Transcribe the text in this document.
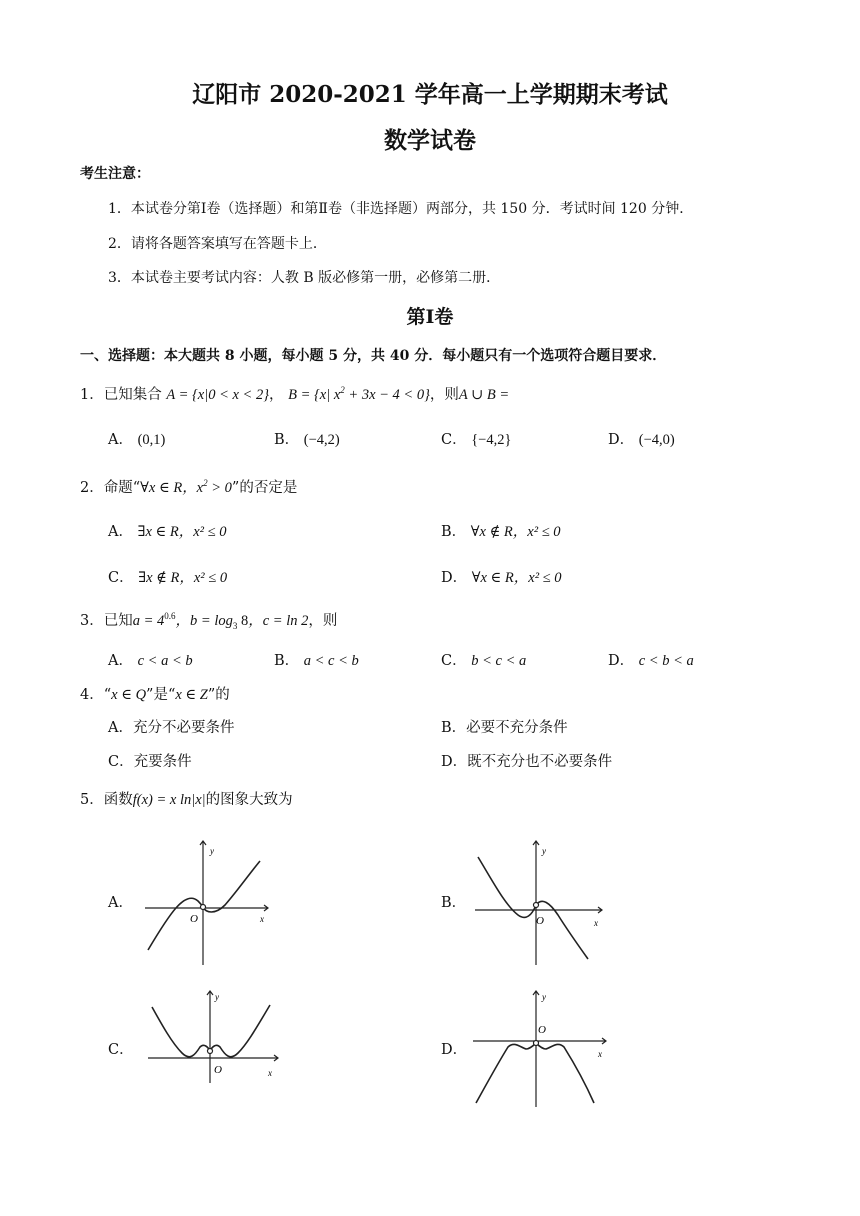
辽阳市 2020-2021 学年高一上学期期末考试
数学试卷
考生注意：
1．本试卷分第Ⅰ卷（选择题）和第Ⅱ卷（非选择题）两部分，共 150 分．考试时间 120 分钟．
2．请将各题答案填写在答题卡上．
3．本试卷主要考试内容：人教 B 版必修第一册，必修第二册．
第Ⅰ卷
一、选择题：本大题共 8 小题，每小题 5 分，共 40 分．每小题只有一个选项符合题目要求．
1．已知集合 A = {x|0 < x < 2}， B = {x| $x^2 + 3x - 4 < 0$}，则A ∪ B =
A． (0,1)	B． (−4,2)	C． {−4,2}	D． (−4,0)
2．命题“∀x ∈ R，$x^2 > 0$”的否定是
A． ∃x ∈ R，x² ≤ 0	B． ∀x ∉ R，x² ≤ 0
C． ∃x ∉ R，x² ≤ 0	D． ∀x ∈ R，x² ≤ 0
3．已知$a = 4^{0.6}$，$b = \log_3 8$，c = ln 2，则
A． c < a < b	B． a < c < b	C． b < c < a	D． c < b < a
4．“x ∈ Q”是“x ∈ Z”的
A．充分不必要条件	B．必要不充分条件
C．充要条件	D．既不充分也不必要条件
5．函数f(x) = x ln|x|的图象大致为
A．
y
x
O
B．
y
x
O
C．
y
x
O
D．
y
x
O
